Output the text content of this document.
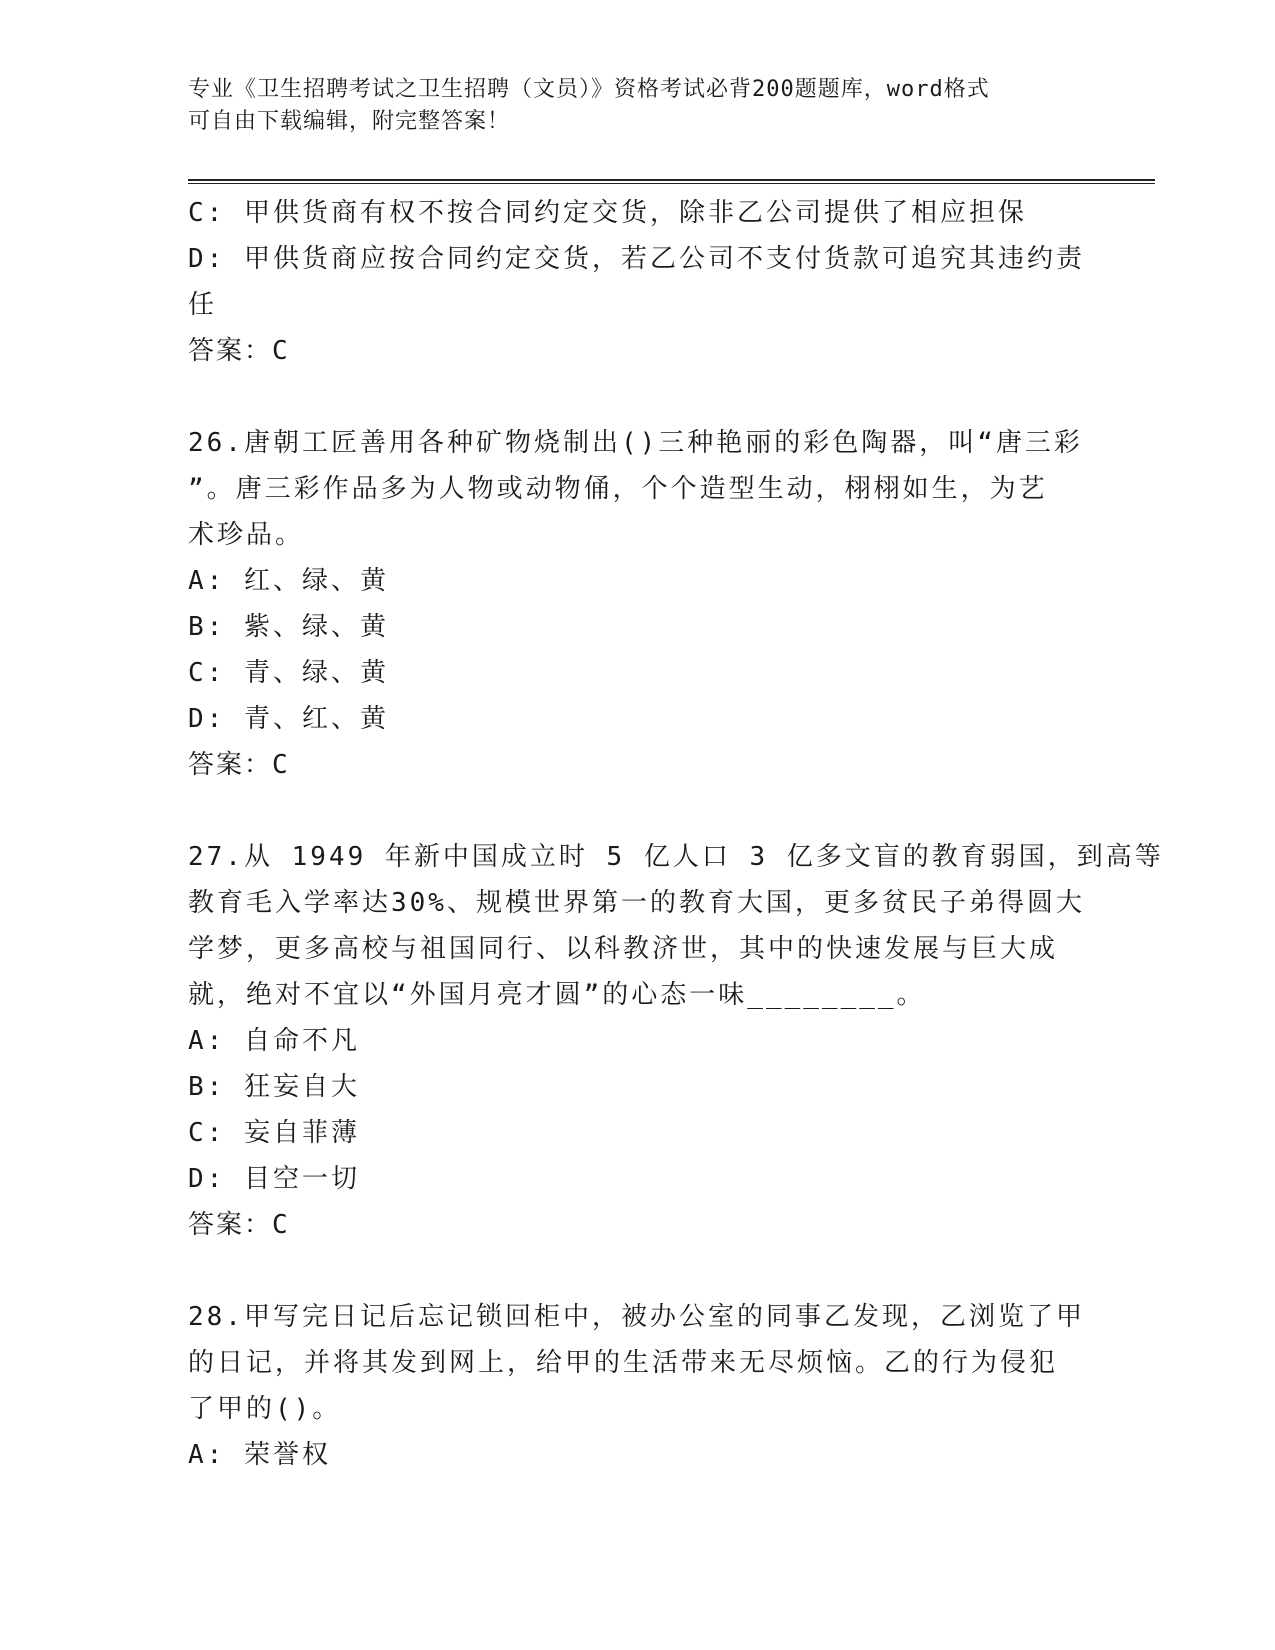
专业《卫生招聘考试之卫生招聘（文员）》资格考试必背200题题库，word格式
可自由下载编辑，附完整答案！
C: 甲供货商有权不按合同约定交货，除非乙公司提供了相应担保
D: 甲供货商应按合同约定交货，若乙公司不支付货款可追究其违约责
任
答案：C
26.唐朝工匠善用各种矿物烧制出()三种艳丽的彩色陶器，叫“唐三彩
”。唐三彩作品多为人物或动物俑，个个造型生动，栩栩如生，为艺
术珍品。
A: 红、绿、黄
B: 紫、绿、黄
C: 青、绿、黄
D: 青、红、黄
答案：C
27.从 1949 年新中国成立时 5 亿人口 3 亿多文盲的教育弱国，到高等
教育毛入学率达30%、规模世界第一的教育大国，更多贫民子弟得圆大
学梦，更多高校与祖国同行、以科教济世，其中的快速发展与巨大成
就，绝对不宜以“外国月亮才圆”的心态一味________。
A: 自命不凡
B: 狂妄自大
C: 妄自菲薄
D: 目空一切
答案：C
28.甲写完日记后忘记锁回柜中，被办公室的同事乙发现，乙浏览了甲
的日记，并将其发到网上，给甲的生活带来无尽烦恼。乙的行为侵犯
了甲的()。
A: 荣誉权
